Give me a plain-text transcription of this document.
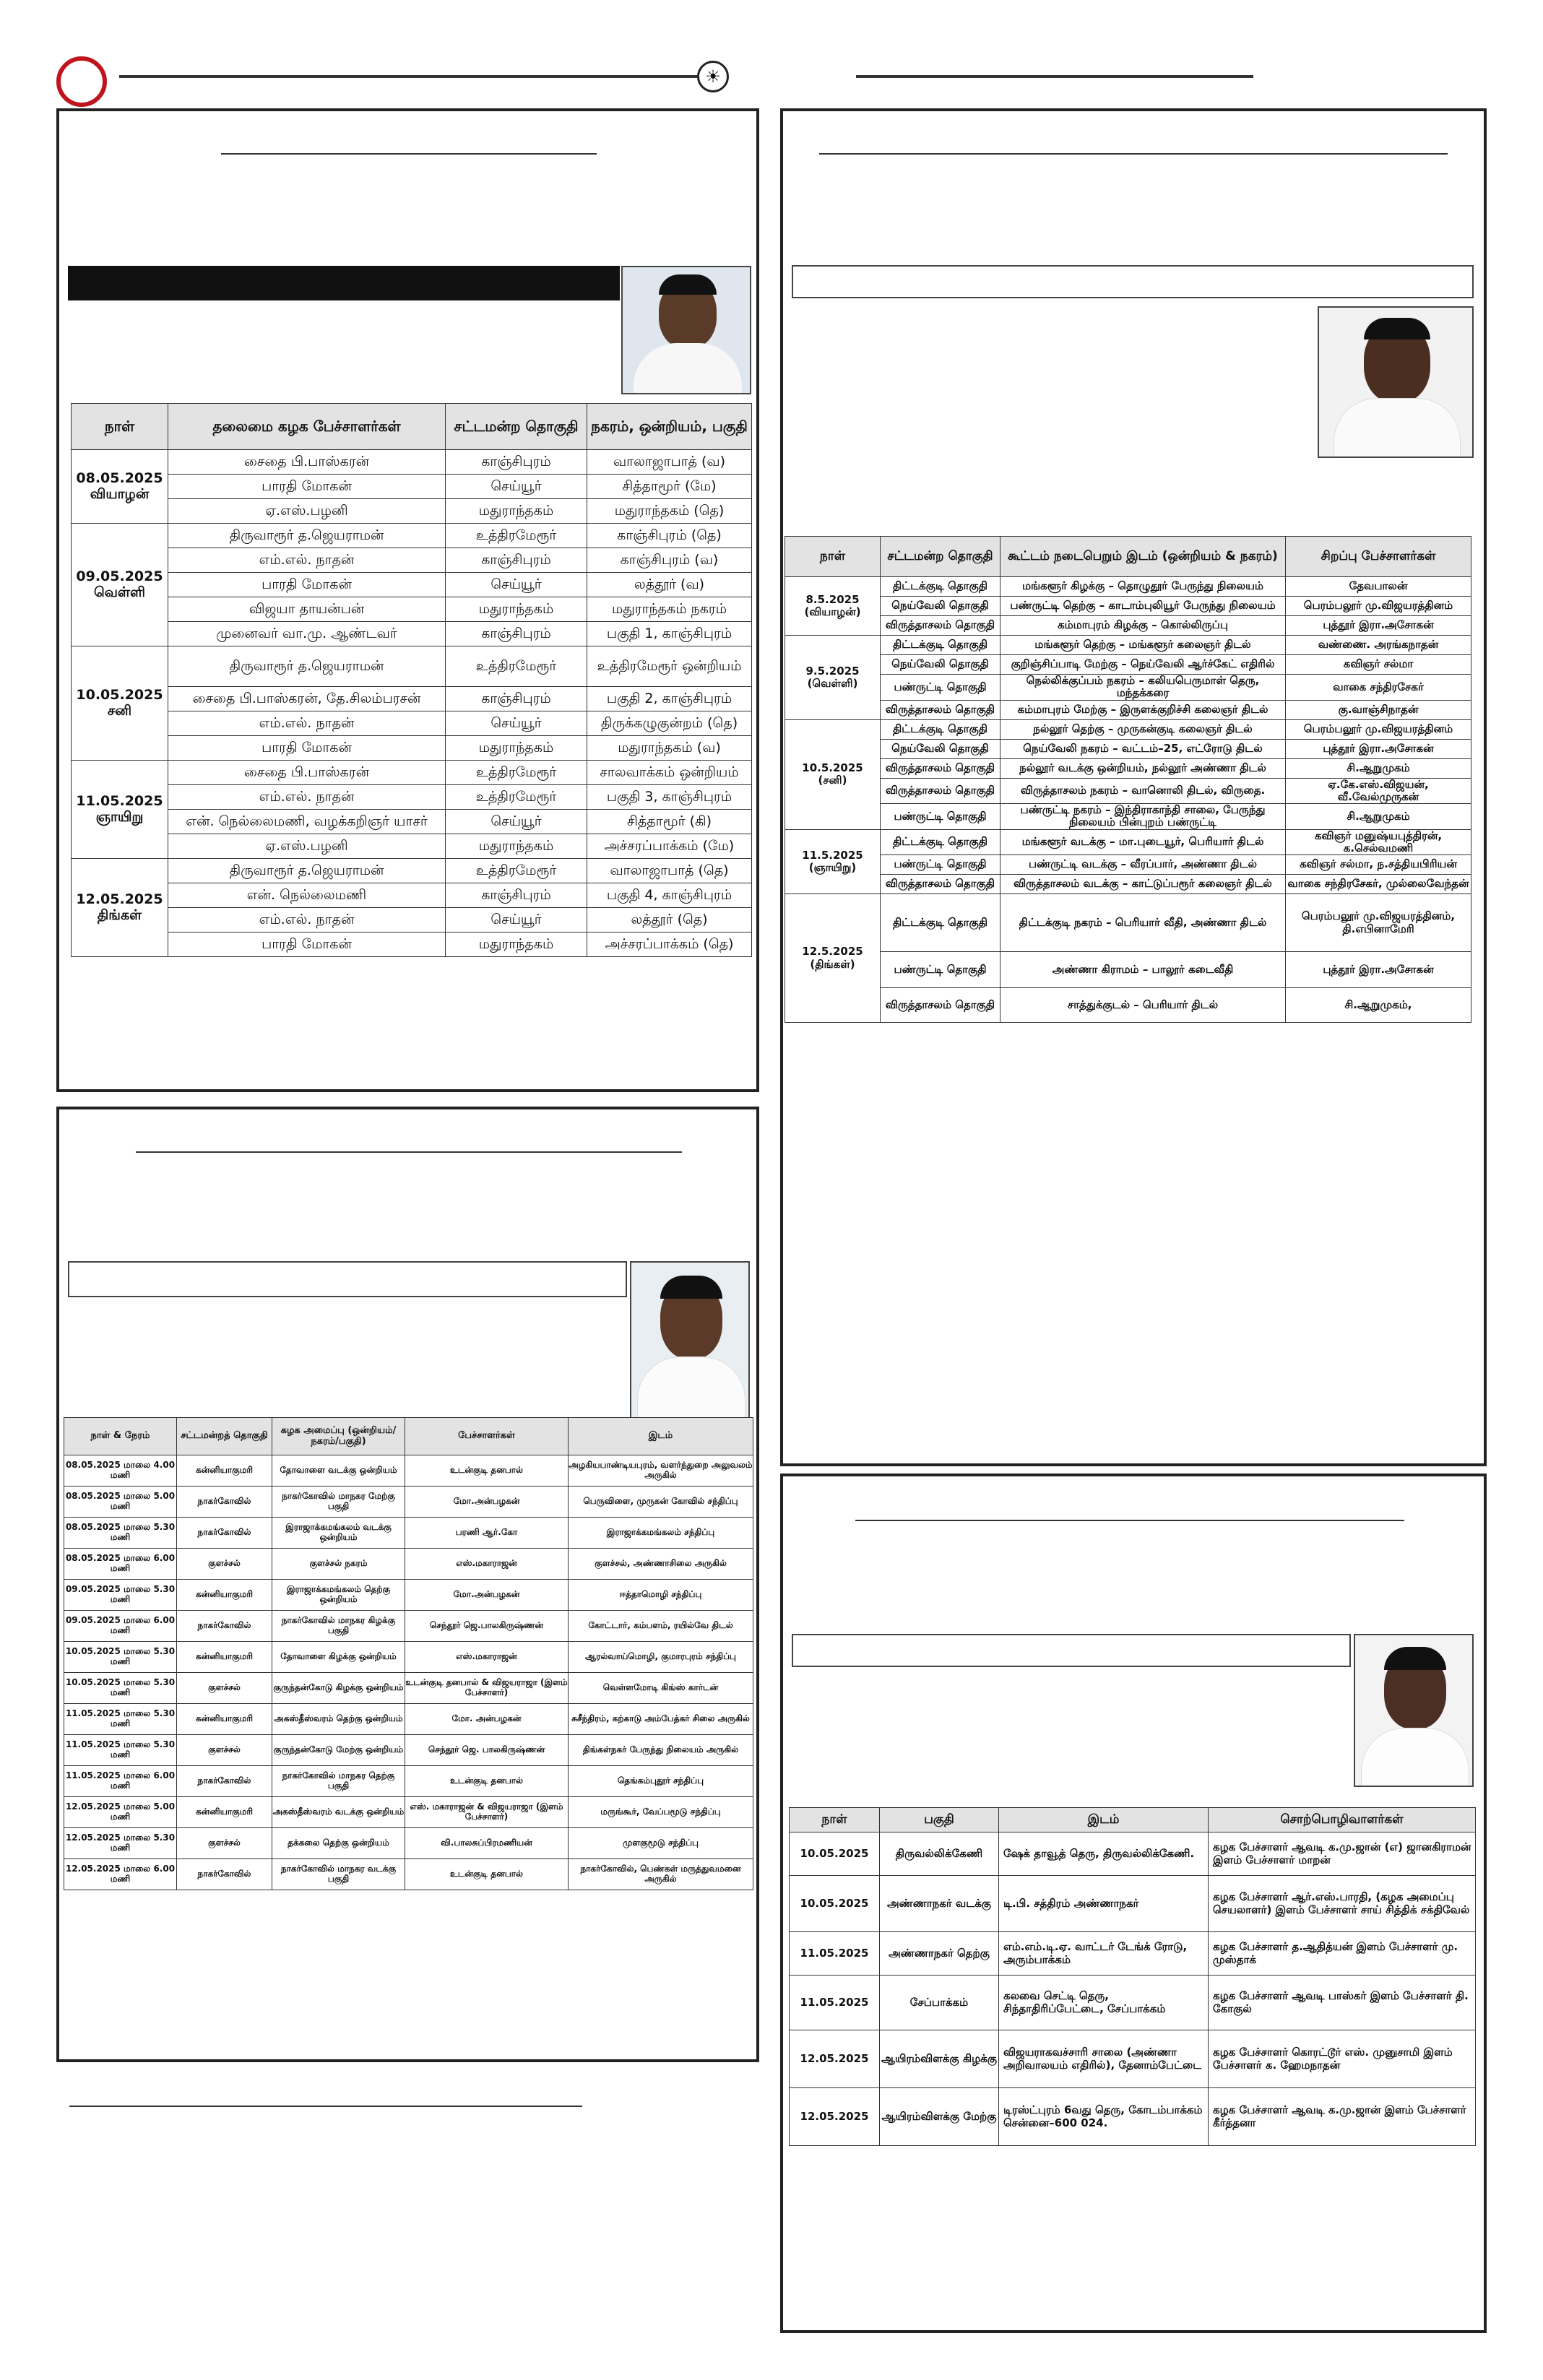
☀
நாள்	தலைமை கழக பேச்சாளர்கள்	சட்டமன்ற தொகுதி	நகரம், ஒன்றியம், பகுதி
08.05.2025
வியாழன்	சைதை பி.பாஸ்கரன்	காஞ்சிபுரம்	வாலாஜாபாத் (வ)
	பாரதி மோகன்	செய்யூர்	சித்தாமூர் (மே)
	ஏ.எஸ்.பழனி	மதுராந்தகம்	மதுராந்தகம் (தெ)
09.05.2025
வெள்ளி	திருவாரூர் த.ஜெயராமன்	உத்திரமேரூர்	காஞ்சிபுரம் (தெ)
	எம்.எல். நாதன்	காஞ்சிபுரம்	காஞ்சிபுரம் (வ)
	பாரதி மோகன்	செய்யூர்	லத்தூர் (வ)
	விஜயா தாயன்பன்	மதுராந்தகம்	மதுராந்தகம் நகரம்
	முனைவர் வா.மு. ஆண்டவர்	காஞ்சிபுரம்	பகுதி 1, காஞ்சிபுரம்
10.05.2025
சனி	திருவாரூர் த.ஜெயராமன்	உத்திரமேரூர்	உத்திரமேரூர் ஒன்றியம்
	சைதை பி.பாஸ்கரன், தே.சிலம்பரசன்	காஞ்சிபுரம்	பகுதி 2, காஞ்சிபுரம்
	எம்.எல். நாதன்	செய்யூர்	திருக்கழுகுன்றம் (தெ)
	பாரதி மோகன்	மதுராந்தகம்	மதுராந்தகம் (வ)
11.05.2025
ஞாயிறு	சைதை பி.பாஸ்கரன்	உத்திரமேரூர்	சாலவாக்கம் ஒன்றியம்
	எம்.எல். நாதன்	உத்திரமேரூர்	பகுதி 3, காஞ்சிபுரம்
	என். நெல்லைமணி, வழக்கறிஞர் யாசர்	செய்யூர்	சித்தாமூர் (கி)
	ஏ.எஸ்.பழனி	மதுராந்தகம்	அச்சரப்பாக்கம் (மே)
12.05.2025
திங்கள்	திருவாரூர் த.ஜெயராமன்	உத்திரமேரூர்	வாலாஜாபாத் (தெ)
	என். நெல்லைமணி	காஞ்சிபுரம்	பகுதி 4, காஞ்சிபுரம்
	எம்.எல். நாதன்	செய்யூர்	லத்தூர் (தெ)
	பாரதி மோகன்	மதுராந்தகம்	அச்சரப்பாக்கம் (தெ)
நாள்	சட்டமன்ற தொகுதி	கூட்டம் நடைபெறும் இடம் (ஒன்றியம் & நகரம்)	சிறப்பு பேச்சாளர்கள்
8.5.2025
(வியாழன்)	திட்டக்குடி தொகுதி	மங்களூர் கிழக்கு – தொழுதூர் பேருந்து நிலையம்	தேவபாலன்
	நெய்வேலி தொகுதி	பண்ருட்டி தெற்கு – காடாம்புலியூர் பேருந்து நிலையம்	பெரம்பலூர் மு.விஜயரத்தினம்
	விருத்தாசலம் தொகுதி	கம்மாபுரம் கிழக்கு – கொல்லிருப்பு	புத்தூர் இரா.அசோகன்
9.5.2025
(வெள்ளி)	திட்டக்குடி தொகுதி	மங்களூர் தெற்கு – மங்களூர் கலைஞர் திடல்	வண்ணை. அரங்கநாதன்
	நெய்வேலி தொகுதி	குறிஞ்சிப்பாடி மேற்கு – நெய்வேலி ஆர்ச்கேட் எதிரில்	கவிஞர் சல்மா
	பண்ருட்டி தொகுதி	நெல்லிக்குப்பம் நகரம் – கலியபெருமாள் தெரு, மந்தக்கரை	வாகை சந்திரசேகர்
	விருத்தாசலம் தொகுதி	கம்மாபுரம் மேற்கு – இருளக்குறிச்சி கலைஞர் திடல்	கு.வாஞ்சிநாதன்
10.5.2025
(சனி)	திட்டக்குடி தொகுதி	நல்லூர் தெற்கு – முருகன்குடி கலைஞர் திடல்	பெரம்பலூர் மு.விஜயரத்தினம்
	நெய்வேலி தொகுதி	நெய்வேலி நகரம் – வட்டம்–25, எட்ரோடு திடல்	புத்தூர் இரா.அசோகன்
	விருத்தாசலம் தொகுதி	நல்லூர் வடக்கு ஒன்றியம், நல்லூர் அண்ணா திடல்	சி.ஆறுமுகம்
	விருத்தாசலம் தொகுதி	விருத்தாசலம் நகரம் – வானொலி திடல், விருதை.	ஏ.கே.எஸ்.விஜயன், வீ.வேல்முருகன்
	பண்ருட்டி தொகுதி	பண்ருட்டி நகரம் – இந்திராகாந்தி சாலை, பேருந்து நிலையம் பின்புறம் பண்ருட்டி	சி.ஆறுமுகம்
11.5.2025
(ஞாயிறு)	திட்டக்குடி தொகுதி	மங்களூர் வடக்கு – மா.புடையூர், பெரியார் திடல்	கவிஞர் மனுஷ்யபுத்திரன், க.செல்வமணி
	பண்ருட்டி தொகுதி	பண்ருட்டி வடக்கு – வீரப்பார், அண்ணா திடல்	கவிஞர் சல்மா, ந.சத்தியபிரியன்
	விருத்தாசலம் தொகுதி	விருத்தாசலம் வடக்கு – காட்டுப்பரூர் கலைஞர் திடல்	வாகை சந்திரசேகர், முல்லைவேந்தன்
12.5.2025
(திங்கள்)	திட்டக்குடி தொகுதி	திட்டக்குடி நகரம் – பெரியார் வீதி, அண்ணா திடல்	பெரம்பலூர் மு.விஜயரத்தினம், தி.எபினாமேரி
	பண்ருட்டி தொகுதி	அண்ணா கிராமம் – பாலூர் கடைவீதி	புத்தூர் இரா.அசோகன்
	விருத்தாசலம் தொகுதி	சாத்துக்குடல் – பெரியார் திடல்	சி.ஆறுமுகம்,
நாள் & நேரம்	சட்டமன்றத் தொகுதி	கழக அமைப்பு (ஒன்றியம்/நகரம்/பகுதி)	பேச்சாளர்கள்	இடம்
08.05.2025 மாலை 4.00 மணி	கன்னியாகுமரி	தோவாளை வடக்கு ஒன்றியம்	உடன்குடி தனபால்	அழகியபாண்டியபுரம், வளர்ந்துறை அலுவலம் அருகில்
08.05.2025 மாலை 5.00 மணி	நாகர்கோவில்	நாகர்கோவில் மாநகர மேற்கு பகுதி	மோ.அன்பழகன்	பெருவிளை, முருகன் கோவில் சந்திப்பு
08.05.2025 மாலை 5.30 மணி	நாகர்கோவில்	இராஜாக்கமங்கலம் வடக்கு ஒன்றியம்	பரணி ஆர்.கோ	இராஜாக்கமங்கலம் சந்திப்பு
08.05.2025 மாலை 6.00 மணி	குளச்சல்	குளச்சல் நகரம்	எஸ்.மகாராஜன்	குளச்சல், அண்ணாசிலை அருகில்
09.05.2025 மாலை 5.30 மணி	கன்னியாகுமரி	இராஜாக்கமங்கலம் தெற்கு ஒன்றியம்	மோ.அன்பழகன்	ஈத்தாமொழி சந்திப்பு
09.05.2025 மாலை 6.00 மணி	நாகர்கோவில்	நாகர்கோவில் மாநகர கிழக்கு பகுதி	செந்தூர் ஜெ.பாலகிருஷ்ணன்	கோட்டார், கம்பளம், ரயில்வே திடல்
10.05.2025 மாலை 5.30 மணி	கன்னியாகுமரி	தோவாளை கிழக்கு ஒன்றியம்	எஸ்.மகாராஜன்	ஆரல்வாய்மொழி, குமாரபுரம் சந்திப்பு
10.05.2025 மாலை 5.30 மணி	குளச்சல்	குருந்தன்கோடு கிழக்கு ஒன்றியம்	உடன்குடி தனபால் & விஜயராஜா (இளம் பேச்சாளர்)	வெள்ளமோடி கிங்ஸ் கார்டன்
11.05.2025 மாலை 5.30 மணி	கன்னியாகுமரி	அகஸ்தீஸ்வரம் தெற்கு ஒன்றியம்	மோ. அன்பழகன்	சுசீந்திரம், கற்காடு அம்பேத்கர் சிலை அருகில்
11.05.2025 மாலை 5.30 மணி	குளச்சல்	குருந்தன்கோடு மேற்கு ஒன்றியம்	செந்தூர் ஜெ. பாலகிருஷ்ணன்	திங்கள்நகர் பேருந்து நிலையம் அருகில்
11.05.2025 மாலை 6.00 மணி	நாகர்கோவில்	நாகர்கோவில் மாநகர தெற்கு பகுதி	உடன்குடி தனபால்	தெங்கம்புதூர் சந்திப்பு
12.05.2025 மாலை 5.00 மணி	கன்னியாகுமரி	அகஸ்தீஸ்வரம் வடக்கு ஒன்றியம்	எஸ். மகாராஜன் & விஜயராஜா (இளம் பேச்சாளர்)	மருங்கூர், வேப்பமூடு சந்திப்பு
12.05.2025 மாலை 5.30 மணி	குளச்சல்	தக்கலை தெற்கு ஒன்றியம்	வி.பாலசுப்பிரமணியன்	முளகுமூடு சந்திப்பு
12.05.2025 மாலை 6.00 மணி	நாகர்கோவில்	நாகர்கோவில் மாநகர வடக்கு பகுதி	உடன்குடி தனபால்	நாகர்கோவில், பெண்கள் மருத்துவமனை அருகில்
நாள்	பகுதி	இடம்	சொற்பொழிவாளர்கள்
10.05.2025	திருவல்லிக்கேணி	ஷேக் தாவூத் தெரு, திருவல்லிக்கேணி.	கழக பேச்சாளர் ஆவடி க.மு.ஜான் (எ) ஜானகிராமன் இளம் பேச்சாளர் மாறன்
10.05.2025	அண்ணாநகர் வடக்கு	டி.பி. சத்திரம் அண்ணாநகர்	கழக பேச்சாளர் ஆர்.எஸ்.பாரதி, (கழக அமைப்பு செயலாளர்) இளம் பேச்சாளர் சாய் சித்திக் சக்திவேல்
11.05.2025	அண்ணாநகர் தெற்கு	எம்.எம்.டி.ஏ. வாட்டர் டேங்க் ரோடு, அரும்பாக்கம்	கழக பேச்சாளர் த.ஆதித்யன் இளம் பேச்சாளர் மு. முஸ்தாக்
11.05.2025	சேப்பாக்கம்	கலவை செட்டி தெரு, சிந்தாதிரிப்பேட்டை, சேப்பாக்கம்	கழக பேச்சாளர் ஆவடி பாஸ்கர் இளம் பேச்சாளர் தி. கோகுல்
12.05.2025	ஆயிரம்விளக்கு கிழக்கு	விஜயராகவச்சாரி சாலை (அண்ணா அறிவாலயம் எதிரில்), தேனாம்பேட்டை	கழக பேச்சாளர் கொரட்டூர் எஸ். முனுசாமி இளம் பேச்சாளர் க. ஹேமநாதன்
12.05.2025	ஆயிரம்விளக்கு மேற்கு	டிரஸ்ட்புரம் 6வது தெரு, கோடம்பாக்கம் சென்னை–600 024.	கழக பேச்சாளர் ஆவடி க.மு.ஜான் இளம் பேச்சாளர் கீர்த்தனா
